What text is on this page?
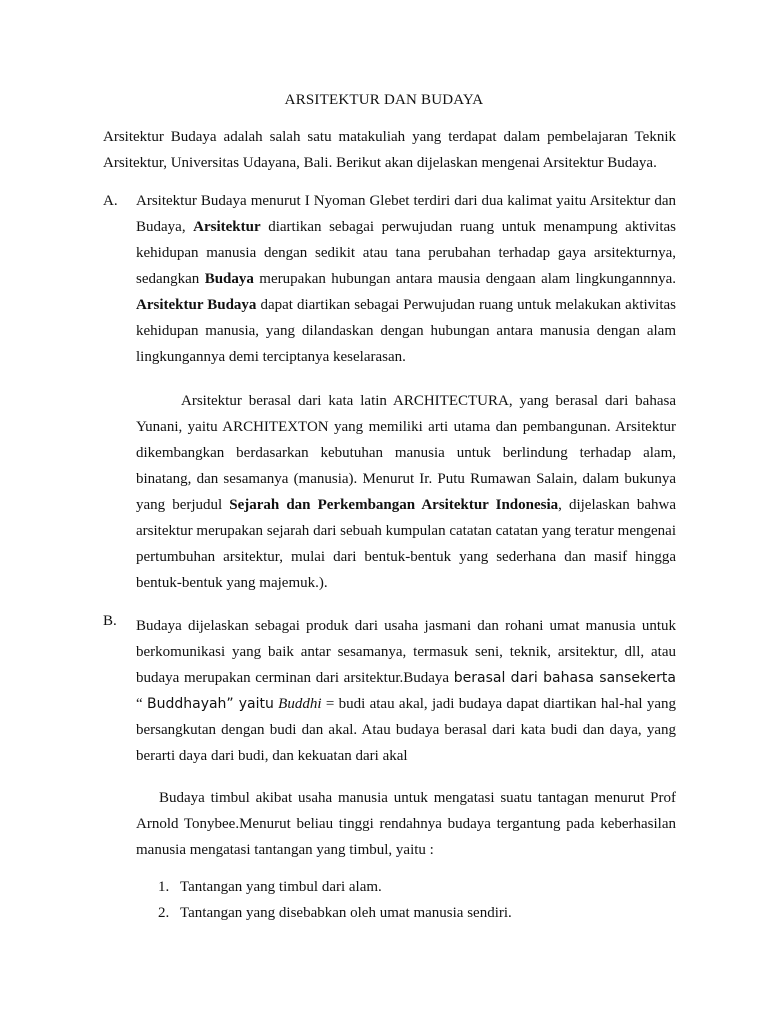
ARSITEKTUR DAN BUDAYA

Arsitektur Budaya adalah salah satu matakuliah yang terdapat dalam pembelajaran Teknik Arsitektur, Universitas Udayana, Bali. Berikut akan dijelaskan mengenai Arsitektur Budaya.

A. Arsitektur Budaya menurut I Nyoman Glebet terdiri dari dua kalimat yaitu Arsitektur dan Budaya, Arsitektur diartikan sebagai perwujudan ruang untuk menampung aktivitas kehidupan manusia dengan sedikit atau tana perubahan terhadap gaya arsitekturnya, sedangkan Budaya merupakan hubungan antara mausia dengaan alam lingkungannnya. Arsitektur Budaya dapat diartikan sebagai Perwujudan ruang untuk melakukan aktivitas kehidupan manusia, yang dilandaskan dengan hubungan antara manusia dengan alam lingkungannya demi terciptanya keselarasan.

Arsitektur berasal dari kata latin ARCHITECTURA, yang berasal dari bahasa Yunani, yaitu ARCHITEXTON yang memiliki arti utama dan pembangunan. Arsitektur dikembangkan berdasarkan kebutuhan manusia untuk berlindung terhadap alam, binatang, dan sesamanya (manusia). Menurut Ir. Putu Rumawan Salain, dalam bukunya yang berjudul Sejarah dan Perkembangan Arsitektur Indonesia, dijelaskan bahwa arsitektur merupakan sejarah dari sebuah kumpulan catatan catatan yang teratur mengenai pertumbuhan arsitektur, mulai dari bentuk-bentuk yang sederhana dan masif hingga bentuk-bentuk yang majemuk.).

B. Budaya dijelaskan sebagai produk dari usaha jasmani dan rohani umat manusia untuk berkomunikasi yang baik antar sesamanya, termasuk seni, teknik, arsitektur, dll, atau budaya merupakan cerminan dari arsitektur.Budaya berasal dari bahasa sansekerta “ Buddhayah” yaitu Buddhi = budi atau akal, jadi budaya dapat diartikan hal-hal yang bersangkutan dengan budi dan akal. Atau budaya berasal dari kata budi dan daya, yang berarti daya dari budi, dan kekuatan dari akal

Budaya timbul akibat usaha manusia untuk mengatasi suatu tantagan menurut Prof Arnold Tonybee.Menurut beliau tinggi rendahnya budaya tergantung pada keberhasilan manusia mengatasi tantangan yang timbul, yaitu :

1. Tantangan yang timbul dari alam.
2. Tantangan yang disebabkan oleh umat manusia sendiri.
